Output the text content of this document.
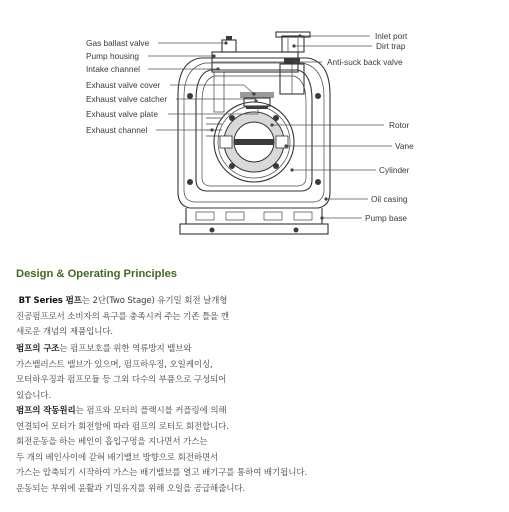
Gas ballast valve
Pump housing
Intake channel
Exhaust valve cover
Exhaust valve catcher
Exhaust valve plate
Exhaust channel
Inlet port
Dirt trap
Anti-suck back valve
Rotor
Vane
Cylinder
Oil casing
Pump base
Design & Operating Principles

BT Series 펌프는 2단(Two Stage) 유기밀 회전 날개형
진공펌프로서 소비자의 욕구를 충족시켜 주는 기존 틀을 깬
새로운 개념의 제품입니다.

펌프의 구조는 펌프보호를 위한 역류방지 밸브와
가스밸러스트 밸브가 있으며, 펌프하우징, 오일케이싱,
모터하우징과 펌프모듈 등 그외 다수의 부품으로 구성되어
있습니다.

펌프의 작동원리는 펌프와 모터의 플랙시블 커플링에 의해
연결되어 모터가 회전함에 따라 펌프의 로터도 회전합니다.
회전운동을 하는 베인이 흡입구멍을 지나면서 가스는
두 개의 베인사이에 갇혀 배기밸브 방향으로 회전하면서

가스는 압축되기 시작하여 가스는 배기밸브를 열고 배기구를 통하여 배기됩니다.
운동되는 부위에 윤활과 기밀유지를 위해 오일을 공급해줍니다.
